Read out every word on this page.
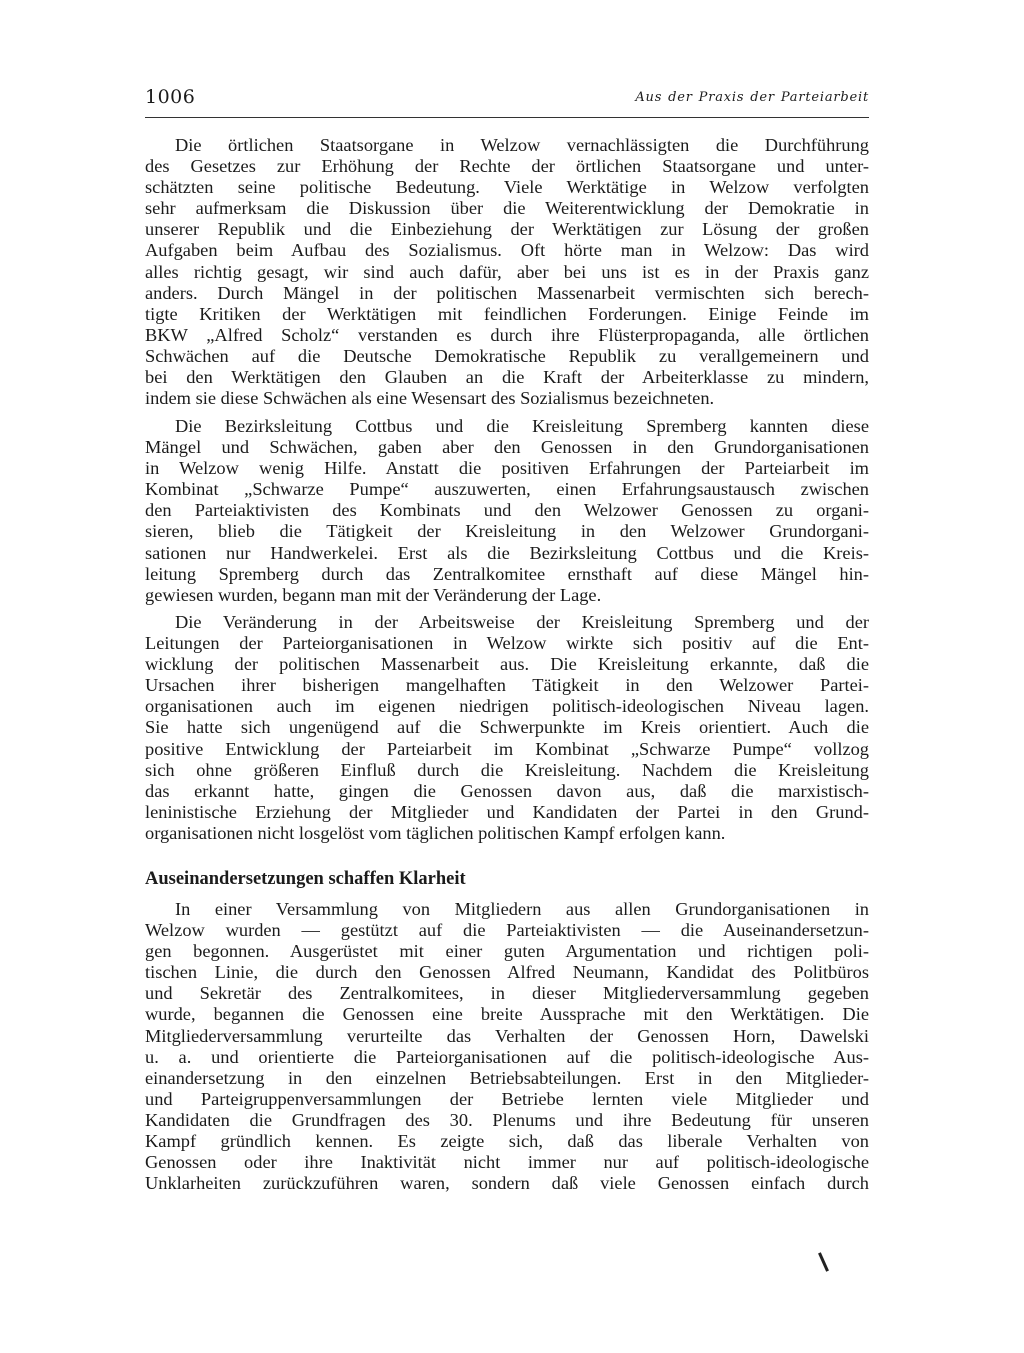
1006	Aus der Praxis der Parteiarbeit
Die örtlichen Staatsorgane in Welzow vernachlässigten die Durchführung
des Gesetzes zur Erhöhung der Rechte der örtlichen Staatsorgane und unter-
schätzten seine politische Bedeutung. Viele Werktätige in Welzow verfolgten
sehr aufmerksam die Diskussion über die Weiterentwicklung der Demokratie in
unserer Republik und die Einbeziehung der Werktätigen zur Lösung der großen
Aufgaben beim Aufbau des Sozialismus. Oft hörte man in Welzow: Das wird
alles richtig gesagt, wir sind auch dafür, aber bei uns ist es in der Praxis ganz
anders. Durch Mängel in der politischen Massenarbeit vermischten sich berech-
tigte Kritiken der Werktätigen mit feindlichen Forderungen. Einige Feinde im
BKW „Alfred Scholz“ verstanden es durch ihre Flüsterpropaganda, alle örtlichen
Schwächen auf die Deutsche Demokratische Republik zu verallgemeinern und
bei den Werktätigen den Glauben an die Kraft der Arbeiterklasse zu mindern,
indem sie diese Schwächen als eine Wesensart des Sozialismus bezeichneten.
Die Bezirksleitung Cottbus und die Kreisleitung Spremberg kannten diese
Mängel und Schwächen, gaben aber den Genossen in den Grundorganisationen
in Welzow wenig Hilfe. Anstatt die positiven Erfahrungen der Parteiarbeit im
Kombinat „Schwarze Pumpe“ auszuwerten, einen Erfahrungsaustausch zwischen
den Parteiaktivisten des Kombinats und den Welzower Genossen zu organi-
sieren, blieb die Tätigkeit der Kreisleitung in den Welzower Grundorgani-
sationen nur Handwerkelei. Erst als die Bezirksleitung Cottbus und die Kreis-
leitung Spremberg durch das Zentralkomitee ernsthaft auf diese Mängel hin-
gewiesen wurden, begann man mit der Veränderung der Lage.
Die Veränderung in der Arbeitsweise der Kreisleitung Spremberg und der
Leitungen der Parteiorganisationen in Welzow wirkte sich positiv auf die Ent-
wicklung der politischen Massenarbeit aus. Die Kreisleitung erkannte, daß die
Ursachen ihrer bisherigen mangelhaften Tätigkeit in den Welzower Partei-
organisationen auch im eigenen niedrigen politisch-ideologischen Niveau lagen.
Sie hatte sich ungenügend auf die Schwerpunkte im Kreis orientiert. Auch die
positive Entwicklung der Parteiarbeit im Kombinat „Schwarze Pumpe“ vollzog
sich ohne größeren Einfluß durch die Kreisleitung. Nachdem die Kreisleitung
das erkannt hatte, gingen die Genossen davon aus, daß die marxistisch-
leninistische Erziehung der Mitglieder und Kandidaten der Partei in den Grund-
organisationen nicht losgelöst vom täglichen politischen Kampf erfolgen kann.
Auseinandersetzungen schaffen Klarheit
In einer Versammlung von Mitgliedern aus allen Grundorganisationen in
Welzow wurden — gestützt auf die Parteiaktivisten — die Auseinandersetzun-
gen begonnen. Ausgerüstet mit einer guten Argumentation und richtigen poli-
tischen Linie, die durch den Genossen Alfred Neumann, Kandidat des Politbüros
und Sekretär des Zentralkomitees, in dieser Mitgliederversammlung gegeben
wurde, begannen die Genossen eine breite Aussprache mit den Werktätigen. Die
Mitgliederversammlung verurteilte das Verhalten der Genossen Horn, Dawelski
u. a. und orientierte die Parteiorganisationen auf die politisch-ideologische Aus-
einandersetzung in den einzelnen Betriebsabteilungen. Erst in den Mitglieder-
und Parteigruppenversammlungen der Betriebe lernten viele Mitglieder und
Kandidaten die Grundfragen des 30. Plenums und ihre Bedeutung für unseren
Kampf gründlich kennen. Es zeigte sich, daß das liberale Verhalten von
Genossen oder ihre Inaktivität nicht immer nur auf politisch-ideologische
Unklarheiten zurückzuführen waren, sondern daß viele Genossen einfach durch
